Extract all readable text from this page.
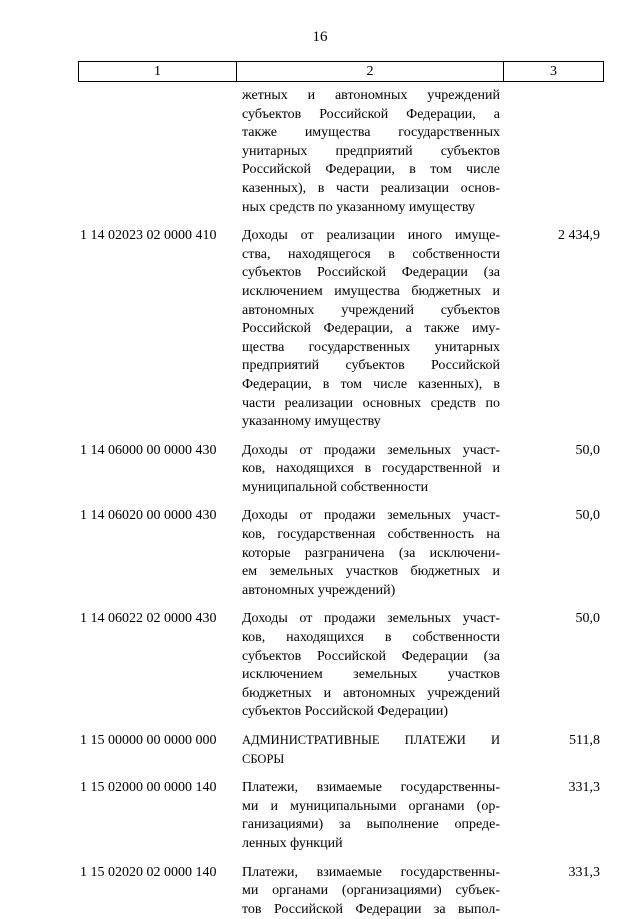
16
1	2	3
жетных и автономных учреждений
субъектов Российской Федерации, а
также имущества государственных
унитарных предприятий субъектов
Российской Федерации, в том числе
казенных), в части реализации основ-
ных средств по указанному имуществу
1 14 02023 02 0000 410	Доходы от реализации иного имуще-
ства, находящегося в собственности
субъектов Российской Федерации (за
исключением имущества бюджетных и
автономных учреждений субъектов
Российской Федерации, а также иму-
щества государственных унитарных
предприятий субъектов Российской
Федерации, в том числе казенных), в
части реализации основных средств по
указанному имуществу
2 434,9
1 14 06000 00 0000 430	Доходы от продажи земельных участ-
ков, находящихся в государственной и
муниципальной собственности
50,0
1 14 06020 00 0000 430	Доходы от продажи земельных участ-
ков, государственная собственность на
которые разграничена (за исключени-
ем земельных участков бюджетных и
автономных учреждений)
50,0
1 14 06022 02 0000 430	Доходы от продажи земельных участ-
ков, находящихся в собственности
субъектов Российской Федерации (за
исключением земельных участков
бюджетных и автономных учреждений
субъектов Российской Федерации)
50,0
1 15 00000 00 0000 000	АДМИНИСТРАТИВНЫЕ ПЛАТЕЖИ И
СБОРЫ
511,8
1 15 02000 00 0000 140	Платежи, взимаемые государственны-
ми и муниципальными органами (ор-
ганизациями) за выполнение опреде-
ленных функций
331,3
1 15 02020 02 0000 140	Платежи, взимаемые государственны-
ми органами (организациями) субъек-
тов Российской Федерации за выпол-
331,3
